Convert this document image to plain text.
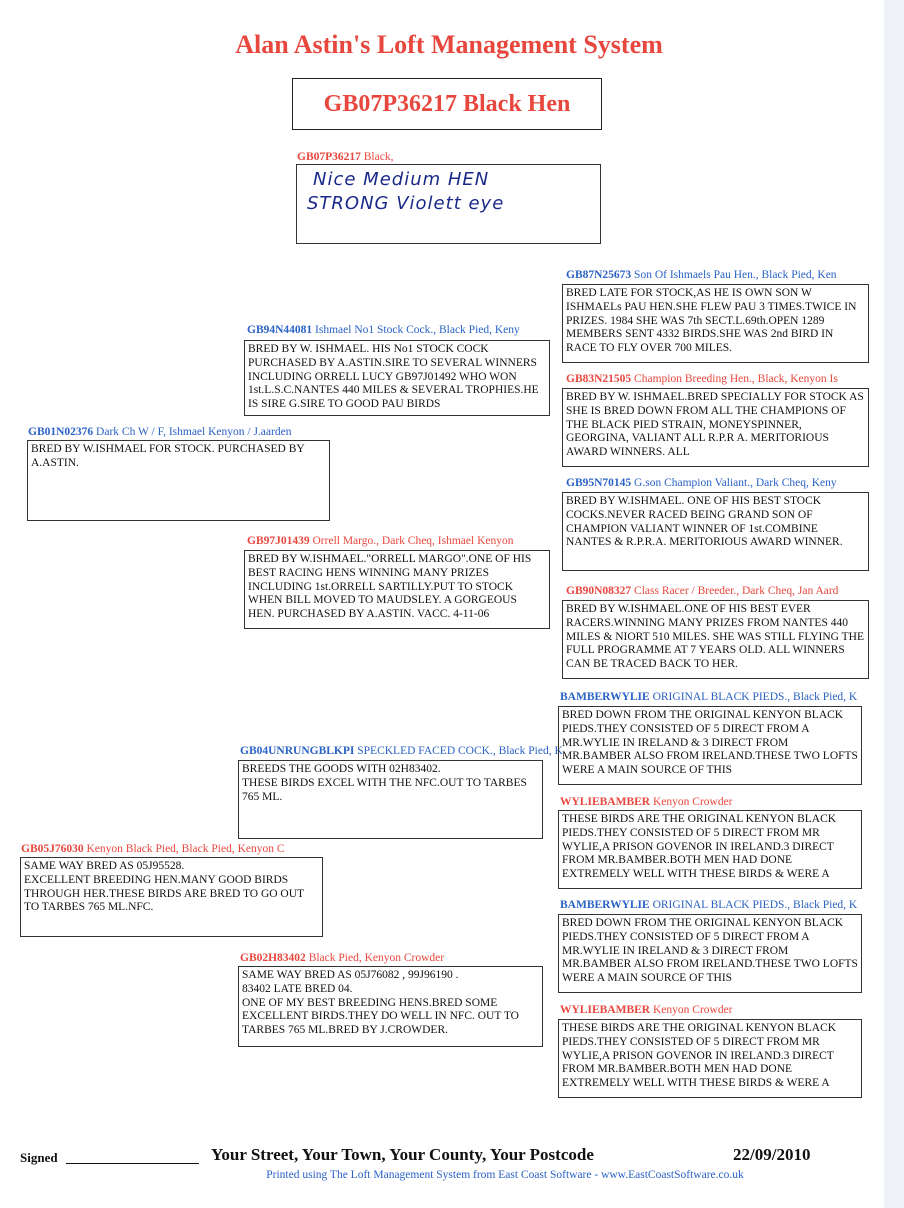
Alan Astin's Loft Management System
GB07P36217 Black Hen
GB07P36217 Black,
Nice Medium HEN
STRONG Violett eye
GB01N02376 Dark Ch W / F, Ishmael Kenyon / J.aarden
BRED BY W.ISHMAEL FOR STOCK. PURCHASED BY A.ASTIN.
GB94N44081 Ishmael No1 Stock Cock., Black Pied, Keny
BRED BY W. ISHMAEL. HIS No1 STOCK COCK PURCHASED BY A.ASTIN.SIRE TO SEVERAL WINNERS INCLUDING ORRELL LUCY GB97J01492 WHO WON 1st.L.S.C.NANTES 440 MILES & SEVERAL TROPHIES.HE IS SIRE G.SIRE TO GOOD PAU BIRDS
GB87N25673 Son Of Ishmaels Pau Hen., Black Pied, Ken
BRED LATE FOR STOCK,AS HE IS OWN SON W ISHMAELs PAU HEN.SHE FLEW PAU 3 TIMES.TWICE IN PRIZES. 1984 SHE WAS 7th SECT.L.69th.OPEN 1289 MEMBERS SENT 4332 BIRDS.SHE WAS 2nd BIRD IN RACE TO FLY OVER 700 MILES.
GB83N21505 Champion Breeding Hen., Black, Kenyon Is
BRED BY W. ISHMAEL.BRED SPECIALLY FOR STOCK AS SHE IS BRED DOWN FROM ALL THE CHAMPIONS OF THE BLACK PIED STRAIN, MONEYSPINNER, GEORGINA, VALIANT ALL R.P.R A. MERITORIOUS AWARD WINNERS. ALL
GB97J01439 Orrell Margo., Dark Cheq, Ishmael Kenyon
BRED BY W.ISHMAEL."ORRELL MARGO".ONE OF HIS BEST RACING HENS WINNING MANY PRIZES INCLUDING 1st.ORRELL SARTILLY.PUT TO STOCK WHEN BILL MOVED TO MAUDSLEY. A GORGEOUS HEN. PURCHASED BY A.ASTIN. VACC. 4-11-06
GB95N70145 G.son Champion Valiant., Dark Cheq, Keny
BRED BY W.ISHMAEL. ONE OF HIS BEST STOCK COCKS.NEVER RACED BEING GRAND SON OF CHAMPION VALIANT WINNER OF 1st.COMBINE NANTES & R.P.R.A. MERITORIOUS AWARD WINNER.
GB90N08327 Class Racer / Breeder., Dark Cheq, Jan Aard
BRED BY W.ISHMAEL.ONE OF HIS BEST EVER RACERS.WINNING MANY PRIZES FROM NANTES 440 MILES & NIORT 510 MILES. SHE WAS STILL FLYING THE FULL PROGRAMME AT 7 YEARS OLD. ALL WINNERS CAN BE TRACED BACK TO HER.
GB05J76030 Kenyon Black Pied, Black Pied, Kenyon C
SAME WAY BRED AS 05J95528.
EXCELLENT BREEDING HEN.MANY GOOD BIRDS THROUGH HER.THESE BIRDS ARE BRED TO GO OUT TO TARBES 765 ML.NFC.
BREEDS THE GOODS WITH 02H83402.
THESE BIRDS EXCEL WITH THE NFC.OUT TO TARBES 765 ML.
GB04UNRUNGBLKPI SPECKLED FACED COCK., Black Pied, K
BAMBERWYLIE ORIGINAL BLACK PIEDS., Black Pied, K
BRED DOWN FROM THE ORIGINAL KENYON BLACK PIEDS.THEY CONSISTED OF 5 DIRECT FROM A MR.WYLIE IN IRELAND & 3 DIRECT FROM MR.BAMBER ALSO FROM IRELAND.THESE TWO LOFTS WERE A MAIN SOURCE OF THIS
WYLIEBAMBER Kenyon Crowder
THESE BIRDS ARE THE ORIGINAL KENYON BLACK PIEDS.THEY CONSISTED OF 5 DIRECT FROM MR WYLIE,A PRISON GOVENOR IN IRELAND.3 DIRECT FROM MR.BAMBER.BOTH MEN HAD DONE EXTREMELY WELL WITH THESE BIRDS & WERE A
GB02H83402 Black Pied, Kenyon Crowder
SAME WAY BRED AS 05J76082 , 99J96190 .
83402 LATE BRED 04.
ONE OF MY BEST BREEDING HENS.BRED SOME EXCELLENT BIRDS.THEY DO WELL IN NFC. OUT TO TARBES 765 ML.BRED BY J.CROWDER.
BAMBERWYLIE ORIGINAL BLACK PIEDS., Black Pied, K
BRED DOWN FROM THE ORIGINAL KENYON BLACK PIEDS.THEY CONSISTED OF 5 DIRECT FROM A MR.WYLIE IN IRELAND & 3 DIRECT FROM MR.BAMBER ALSO FROM IRELAND.THESE TWO LOFTS WERE A MAIN SOURCE OF THIS
WYLIEBAMBER Kenyon Crowder
THESE BIRDS ARE THE ORIGINAL KENYON BLACK PIEDS.THEY CONSISTED OF 5 DIRECT FROM MR WYLIE,A PRISON GOVENOR IN IRELAND.3 DIRECT FROM MR.BAMBER.BOTH MEN HAD DONE EXTREMELY WELL WITH THESE BIRDS & WERE A
Signed	Your Street, Your Town, Your County, Your Postcode	22/09/2010
Printed using The Loft Management System from East Coast Software - www.EastCoastSoftware.co.uk
